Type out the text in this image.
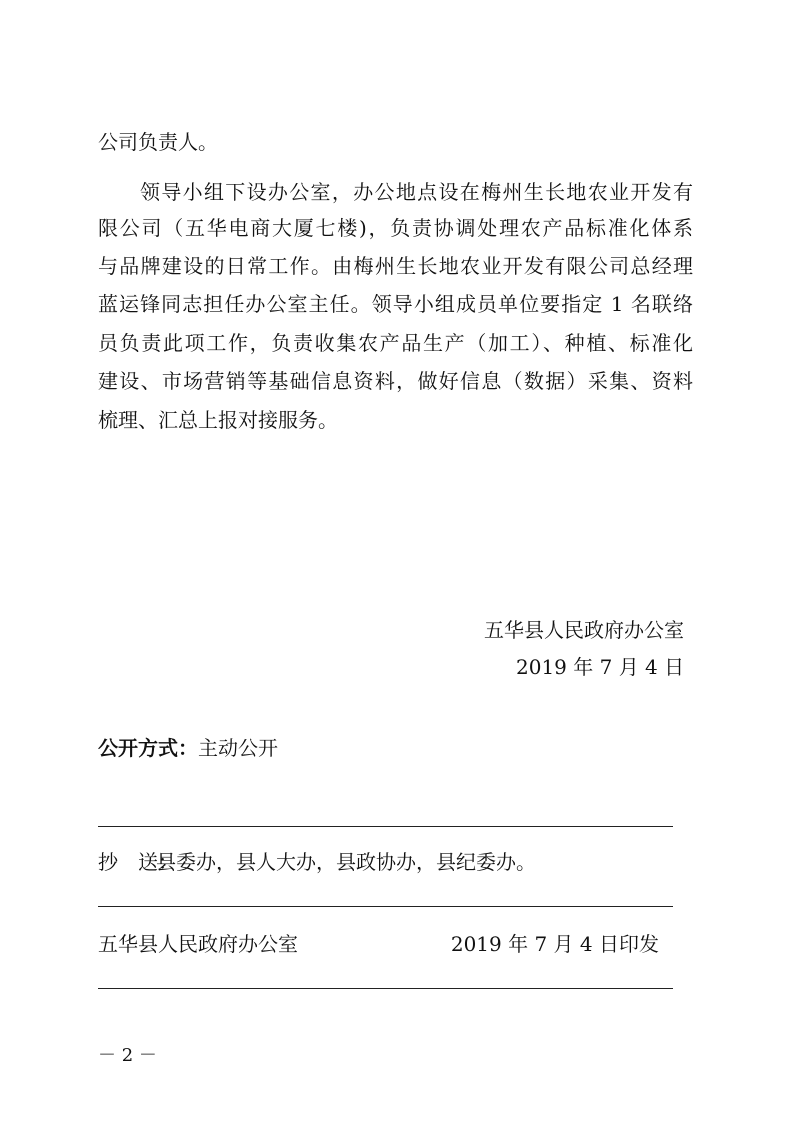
公司负责人。
领导小组下设办公室，办公地点设在梅州生长地农业开发有
限公司（五华电商大厦七楼)，负责协调处理农产品标准化体系
与品牌建设的日常工作。由梅州生长地农业开发有限公司总经理
蓝运锋同志担任办公室主任。领导小组成员单位要指定 1 名联络
员负责此项工作，负责收集农产品生产（加工）、种植、标准化
建设、市场营销等基础信息资料，做好信息（数据）采集、资料
梳理、汇总上报对接服务。
五华县人民政府办公室
2019 年 7 月 4 日
公开方式：主动公开
抄　送：县委办，县人大办，县政协办，县纪委办。
五华县人民政府办公室	2019 年 7 月 4 日印发
－ 2 －
